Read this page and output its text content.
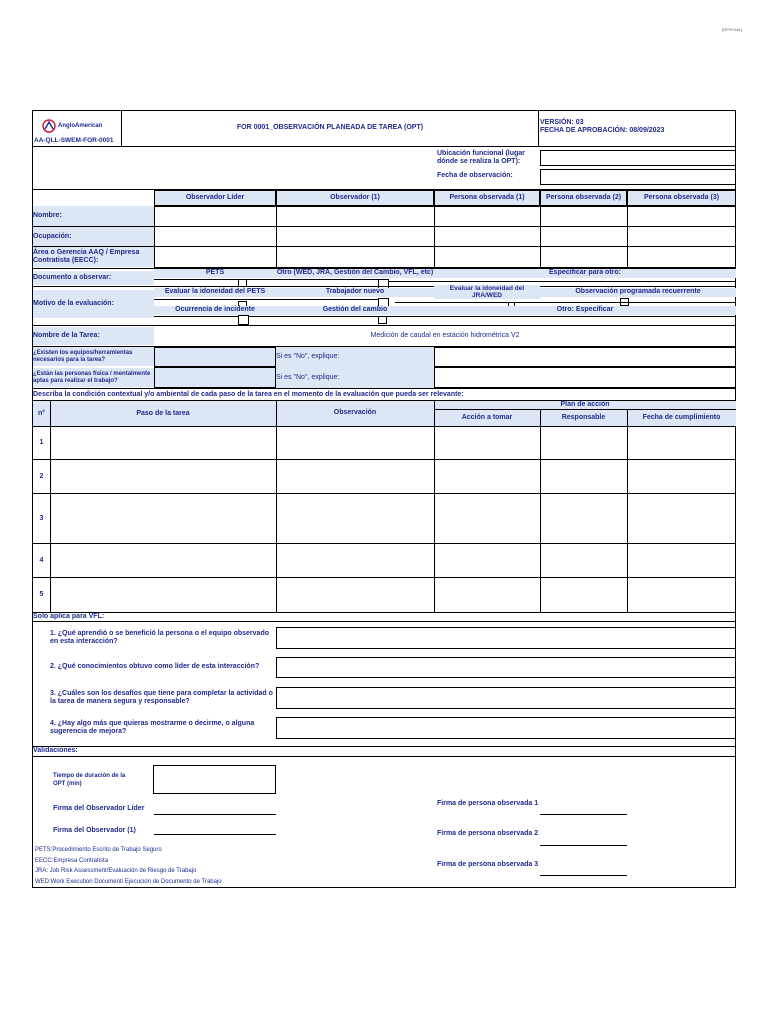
[OFFICIAL]
AngloAmerican
AA-QLL-SWEM-FOR-0001
FOR 0001_OBSERVACIÓN PLANEADA DE TAREA (OPT)
VERSIÓN: 03
FECHA DE APROBACIÓN: 08/09/2023
Ubicación funcional (lugar dónde se realiza la OPT):
Fecha de observación:
Observador Líder	Observador (1)	Persona observada (1)	Persona observada (2)	Persona observada (3)
Nombre:
Ocupación:
Área o Gerencia AAQ / Empresa Contratista (EECC):
Documento a observar:
PETS	Otro (WED, JRA, Gestión del Cambio, VFL, etc)	Especificar para otro:
Motivo de la evaluación:
Evaluar la idoneidad del PETS	Trabajador nuevo	Evaluar la idoneidad del JRA/WED
Observación programada recuerrente
Ocurrencia de incidente	Gestión del cambio	Otro: Especificar
Nombre de la Tarea:	Medición de caudal en estación hidrométrica V2
¿Existen los equipos/herramientas necesarios para la tarea?	Si es "No", explique:
¿Están las personas física / mentalmente aptas para realizar el trabajo?	Si es "No", explique:
Describa la condición contextual y/o ambiental de cada paso de la tarea en el momento de la evaluación que pueda ser relevante:
n°	Paso de la tarea	Observación
Plan de acción
Acción a tomar	Responsable	Fecha de cumplimiento
1
2
3
4
5
Solo aplica para VFL:
1. ¿Qué aprendió o se benefició la persona o el equipo observado en esta interacción?
2. ¿Qué conocimientos obtuvo como líder de esta interacción?
3. ¿Cuáles son los desafíos que tiene para completar la actividad o la tarea de manera segura y responsable?
4. ¿Hay algo más que quieras mostrarme o decirme, o alguna sugerencia de mejora?
Validaciones:
Tiempo de duración de la OPT (min)
Firma del Observador Líder
Firma del Observador (1)
Firma de persona observada 1
Firma de persona observada 2
Firma de persona observada 3
PETS:Procedimiento Escrito de Trabajo Seguro
EECC:Empresa Contratista
JRA: Job Risk Assessment/Evaluación de Riesgo de Trabajo
WED:Work Execution Document/ Ejecución de Documento de Trabajo
